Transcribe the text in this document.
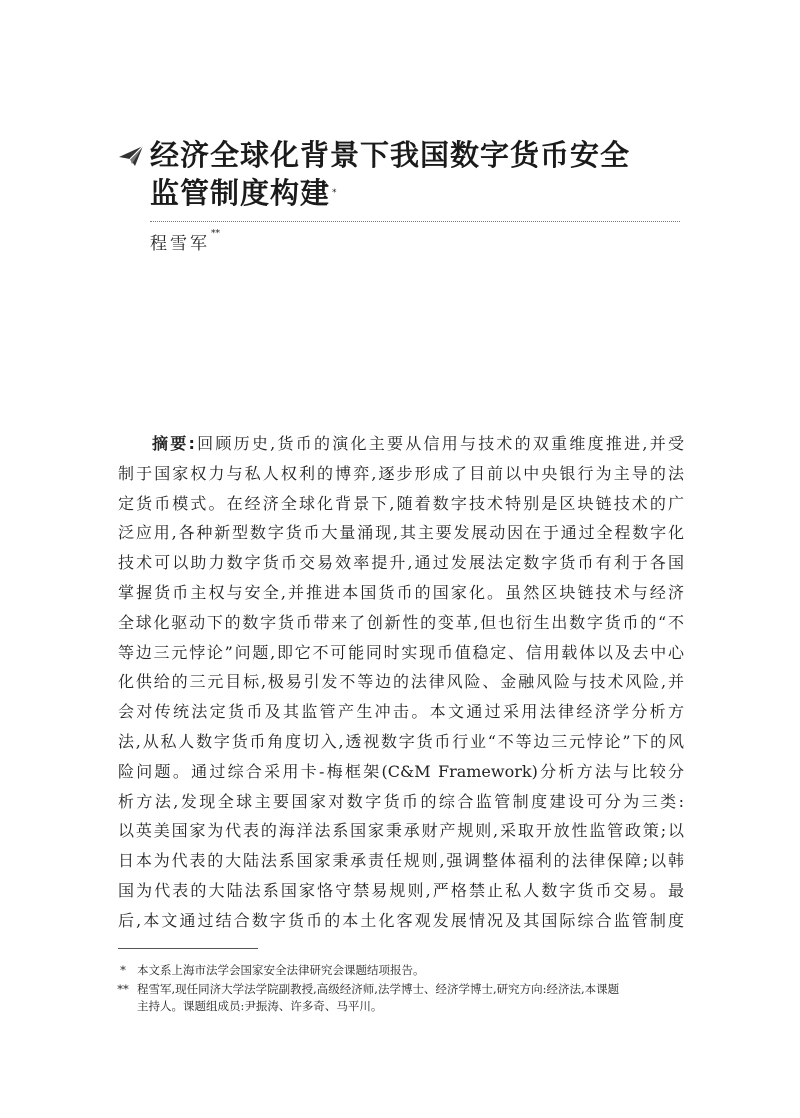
经济全球化背景下我国数字货币安全
监管制度构建 *
程雪军**
摘要:回顾历史,货币的演化主要从信用与技术的双重维度推进,并受
制于国家权力与私人权利的博弈,逐步形成了目前以中央银行为主导的法
定货币模式。在经济全球化背景下,随着数字技术特别是区块链技术的广
泛应用,各种新型数字货币大量涌现,其主要发展动因在于通过全程数字化
技术可以助力数字货币交易效率提升,通过发展法定数字货币有利于各国
掌握货币主权与安全,并推进本国货币的国家化。虽然区块链技术与经济
全球化驱动下的数字货币带来了创新性的变革,但也衍生出数字货币的“不
等边三元悖论”问题,即它不可能同时实现币值稳定、信用载体以及去中心
化供给的三元目标,极易引发不等边的法律风险、金融风险与技术风险,并
会对传统法定货币及其监管产生冲击。本文通过采用法律经济学分析方
法,从私人数字货币角度切入,透视数字货币行业“不等边三元悖论”下的风
险问题。通过综合采用卡-梅框架(C&M Framework)分析方法与比较分
析方法,发现全球主要国家对数字货币的综合监管制度建设可分为三类:
以英美国家为代表的海洋法系国家秉承财产规则,采取开放性监管政策;以
日本为代表的大陆法系国家秉承责任规则,强调整体福利的法律保障;以韩
国为代表的大陆法系国家恪守禁易规则,严格禁止私人数字货币交易。最
后,本文通过结合数字货币的本土化客观发展情况及其国际综合监管制度
* 本文系上海市法学会国家安全法律研究会课题结项报告。
** 程雪军,现任同济大学法学院副教授,高级经济师,法学博士、经济学博士,研究方向:经济法,本课题
主持人。课题组成员:尹振涛、许多奇、马平川。
